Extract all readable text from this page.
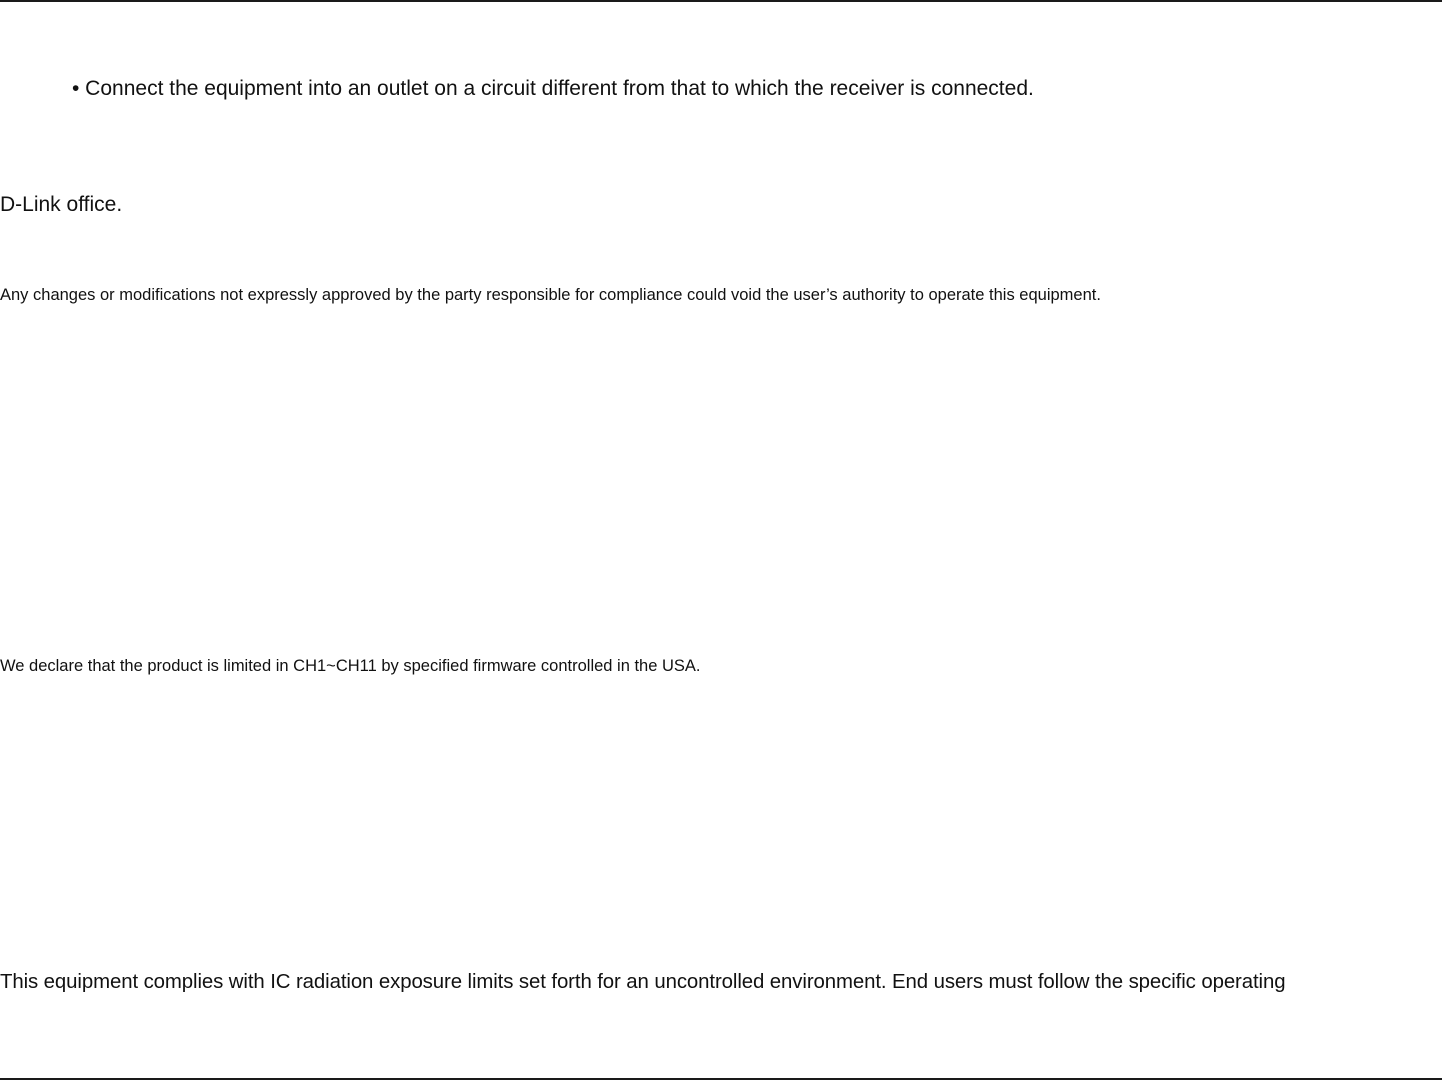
• Connect the equipment into an outlet on a circuit different from that to which the receiver is connected.
D-Link office.
Any changes or modifications not expressly approved by the party responsible for compliance could void the user’s authority to operate this equipment.
We declare that the product is limited in CH1~CH11 by specified firmware controlled in the USA.
This equipment complies with IC radiation exposure limits set forth for an uncontrolled environment. End users must follow the specific operating
